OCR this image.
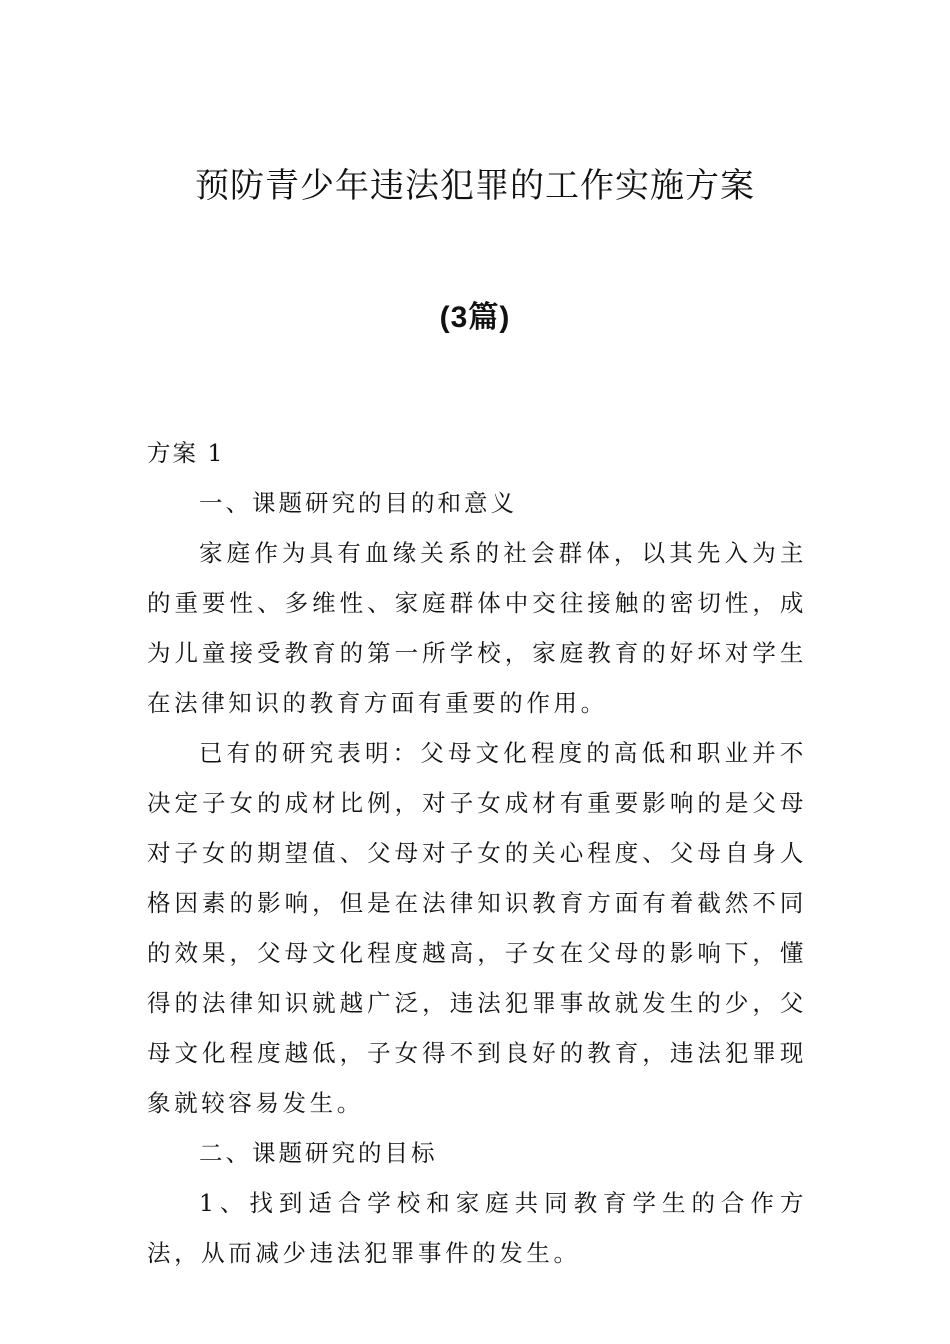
预防青少年违法犯罪的工作实施方案
(3篇)

方案 1

一、课题研究的目的和意义

家庭作为具有血缘关系的社会群体，以其先入为主的重要性、多维性、家庭群体中交往接触的密切性，成为儿童接受教育的第一所学校，家庭教育的好坏对学生在法律知识的教育方面有重要的作用。

已有的研究表明：父母文化程度的高低和职业并不决定子女的成材比例，对子女成材有重要影响的是父母对子女的期望值、父母对子女的关心程度、父母自身人格因素的影响，但是在法律知识教育方面有着截然不同的效果，父母文化程度越高，子女在父母的影响下，懂得的法律知识就越广泛，违法犯罪事故就发生的少，父母文化程度越低，子女得不到良好的教育，违法犯罪现象就较容易发生。

二、课题研究的目标

1、找到适合学校和家庭共同教育学生的合作方法，从而减少违法犯罪事件的发生。
